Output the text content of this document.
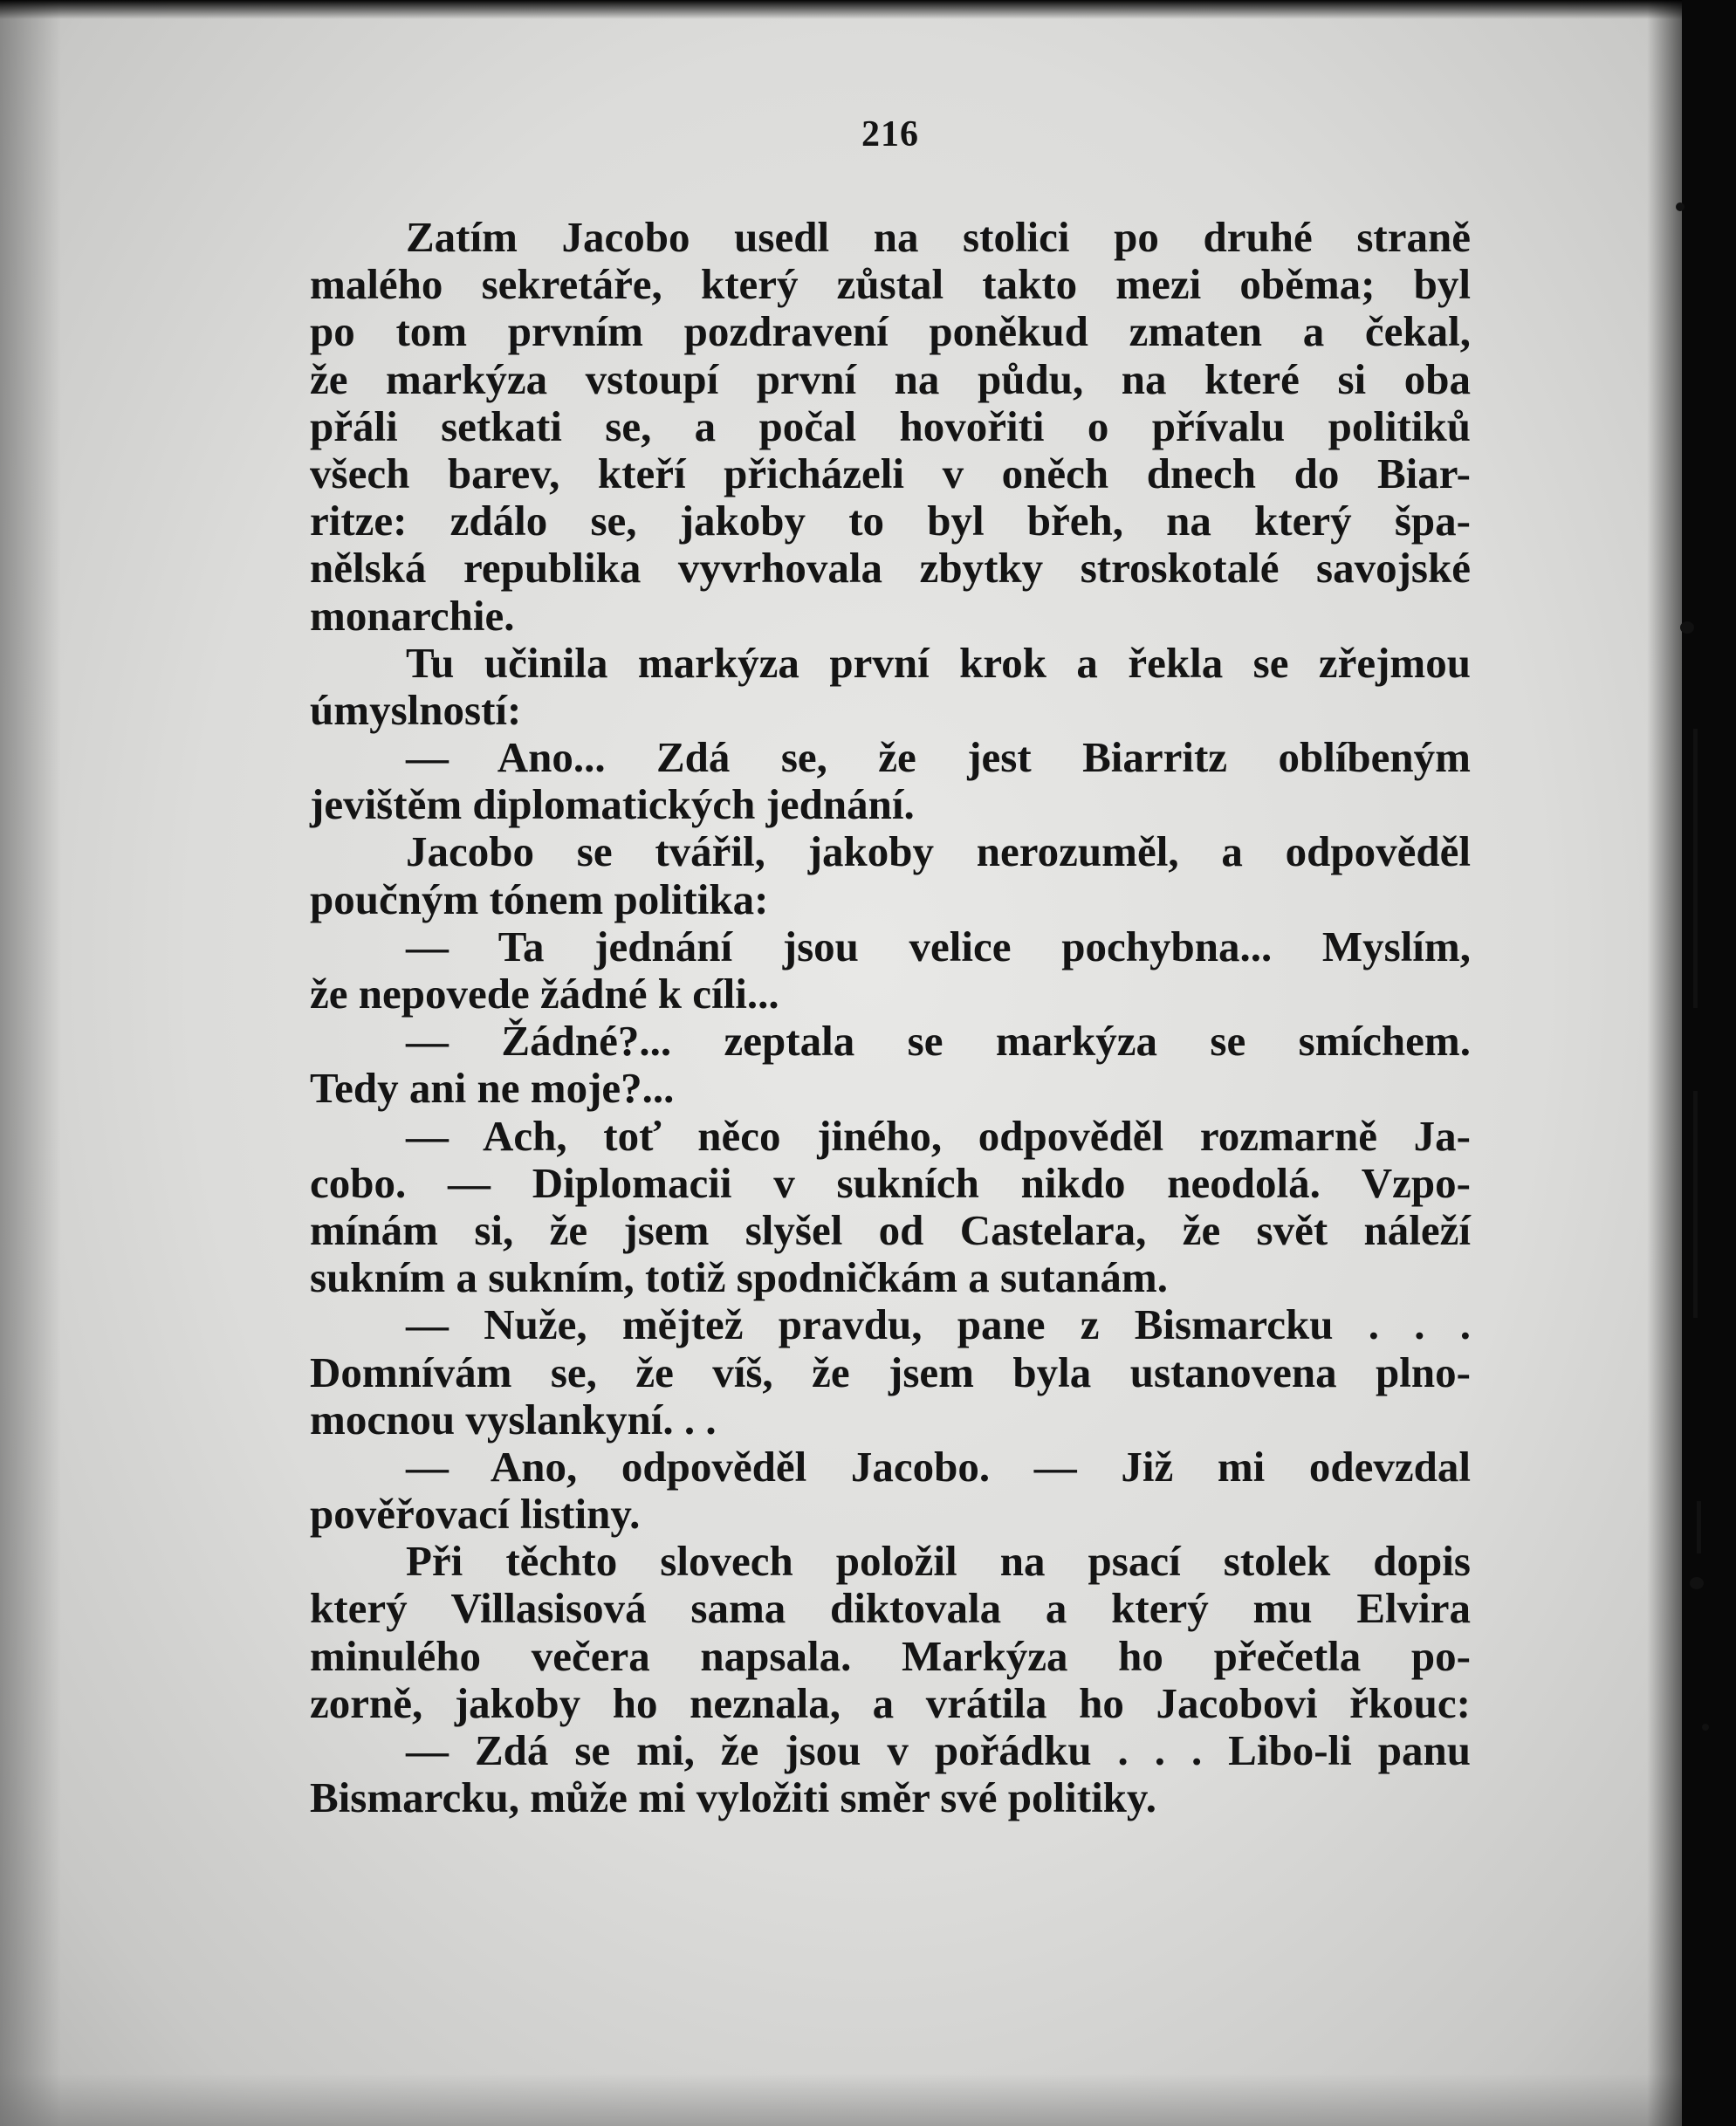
216
Zatím Jacobo usedl na stolici po druhé straně
malého sekretáře, který zůstal takto mezi oběma; byl
po tom prvním pozdravení poněkud zmaten a čekal,
že markýza vstoupí první na půdu, na které si oba
přáli setkati se, a počal hovořiti o přívalu politiků
všech barev, kteří přicházeli v oněch dnech do Biar-
ritze: zdálo se, jakoby to byl břeh, na který špa-
nělská republika vyvrhovala zbytky stroskotalé savojské
monarchie.
Tu učinila markýza první krok a řekla se zřejmou
úmyslností:
— Ano... Zdá se, že jest Biarritz oblíbeným
jevištěm diplomatických jednání.
Jacobo se tvářil, jakoby nerozuměl, a odpověděl
poučným tónem politika:
— Ta jednání jsou velice pochybna... Myslím,
že nepovede žádné k cíli...
— Žádné?... zeptala se markýza se smíchem.
Tedy ani ne moje?...
— Ach, toť něco jiného, odpověděl rozmarně Ja-
cobo. — Diplomacii v sukních nikdo neodolá. Vzpo-
mínám si, že jsem slyšel od Castelara, že svět náleží
sukním a sukním, totiž spodničkám a sutanám.
— Nuže, mějtež pravdu, pane z Bismarcku . . .
Domnívám se, že víš, že jsem byla ustanovena plno-
mocnou vyslankyní. . .
— Ano, odpověděl Jacobo. — Již mi odevzdal
pověřovací listiny.
Při těchto slovech položil na psací stolek dopis
který Villasisová sama diktovala a který mu Elvira
minulého večera napsala. Markýza ho přečetla po-
zorně, jakoby ho neznala, a vrátila ho Jacobovi řkouc:
— Zdá se mi, že jsou v pořádku . . . Libo-li panu
Bismarcku, může mi vyložiti směr své politiky.
